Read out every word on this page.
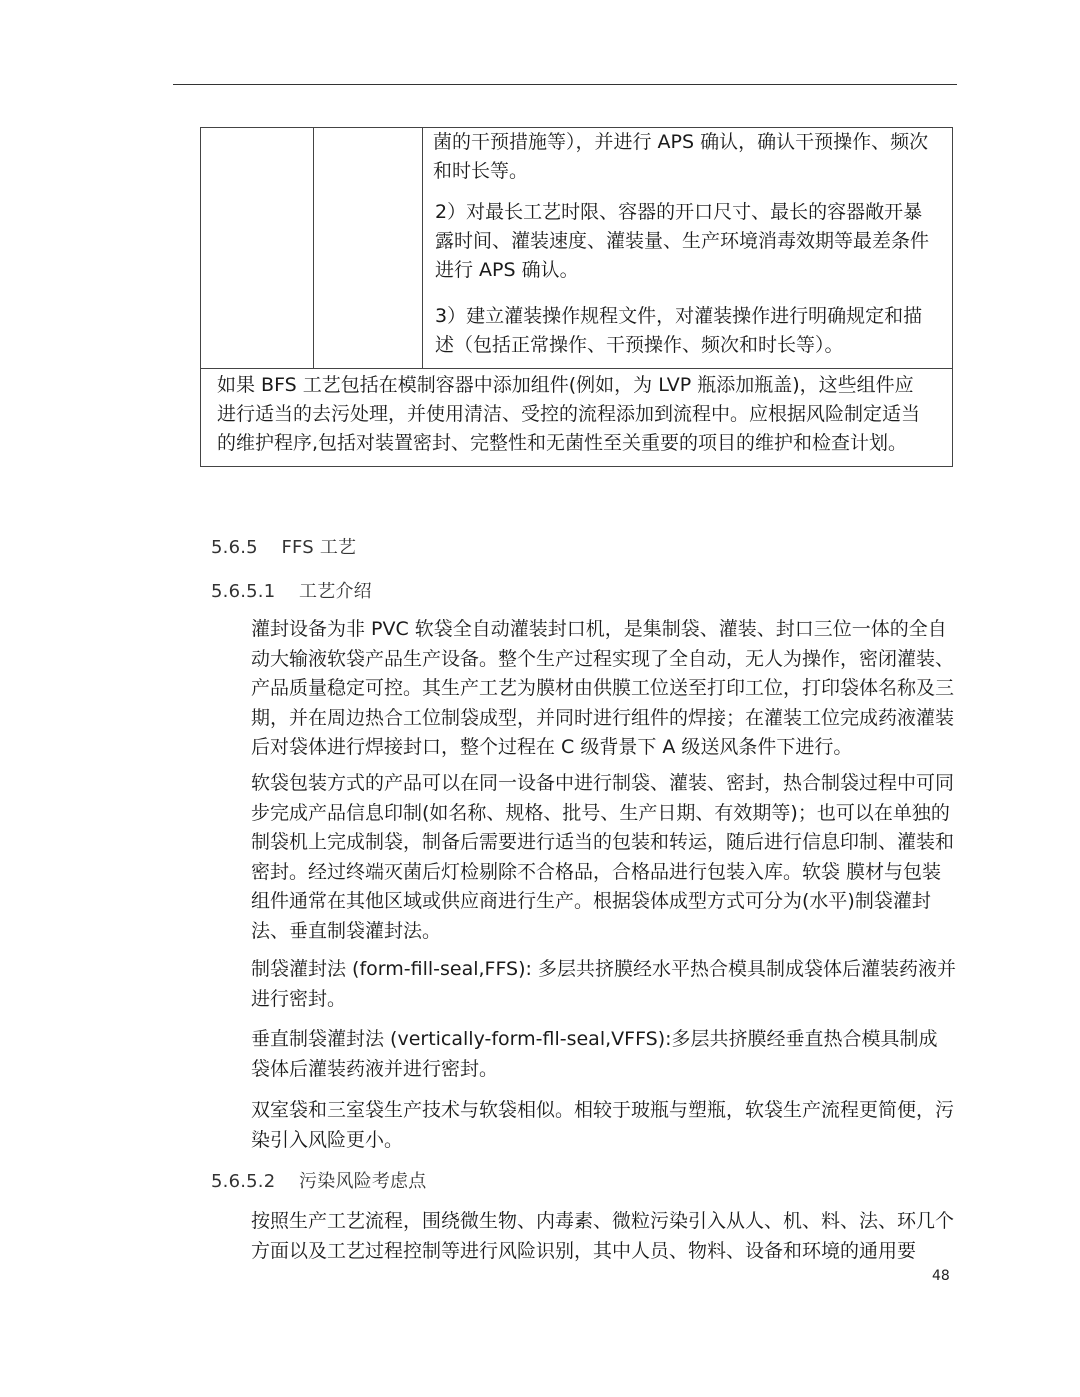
菌的干预措施等），并进行 APS 确认，确认干预操作、频次和时长等。

2）对最长工艺时限、容器的开口尺寸、最长的容器敞开暴露时间、灌装速度、灌装量、生产环境消毒效期等最差条件进行 APS 确认。

3）建立灌装操作规程文件，对灌装操作进行明确规定和描述（包括正常操作、干预操作、频次和时长等）。

如果 BFS 工艺包括在模制容器中添加组件(例如，为 LVP 瓶添加瓶盖)，这些组件应进行适当的去污处理，并使用清洁、受控的流程添加到流程中。应根据风险制定适当的维护程序,包括对装置密封、完整性和无菌性至关重要的项目的维护和检查计划。

5.6.5    FFS 工艺

5.6.5.1    工艺介绍

灌封设备为非 PVC 软袋全自动灌装封口机，是集制袋、灌装、封口三位一体的全自动大输液软袋产品生产设备。整个生产过程实现了全自动，无人为操作，密闭灌装、产品质量稳定可控。其生产工艺为膜材由供膜工位送至打印工位，打印袋体名称及三期，并在周边热合工位制袋成型，并同时进行组件的焊接；在灌装工位完成药液灌装后对袋体进行焊接封口，整个过程在 C 级背景下 A 级送风条件下进行。

软袋包装方式的产品可以在同一设备中进行制袋、灌装、密封，热合制袋过程中可同步完成产品信息印制(如名称、规格、批号、生产日期、有效期等)；也可以在单独的制袋机上完成制袋，制备后需要进行适当的包装和转运，随后进行信息印制、灌装和密封。经过终端灭菌后灯检剔除不合格品，合格品进行包装入库。软袋 膜材与包装组件通常在其他区域或供应商进行生产。根据袋体成型方式可分为(水平)制袋灌封法、垂直制袋灌封法。

制袋灌封法 (form-fill-seal,FFS): 多层共挤膜经水平热合模具制成袋体后灌装药液并进行密封。

垂直制袋灌封法 (vertically-form-fll-seal,VFFS):多层共挤膜经垂直热合模具制成袋体后灌装药液并进行密封。

双室袋和三室袋生产技术与软袋相似。相较于玻瓶与塑瓶，软袋生产流程更简便，污染引入风险更小。

5.6.5.2    污染风险考虑点

按照生产工艺流程，围绕微生物、内毒素、微粒污染引入从人、机、料、法、环几个方面以及工艺过程控制等进行风险识别，其中人员、物料、设备和环境的通用要

48
